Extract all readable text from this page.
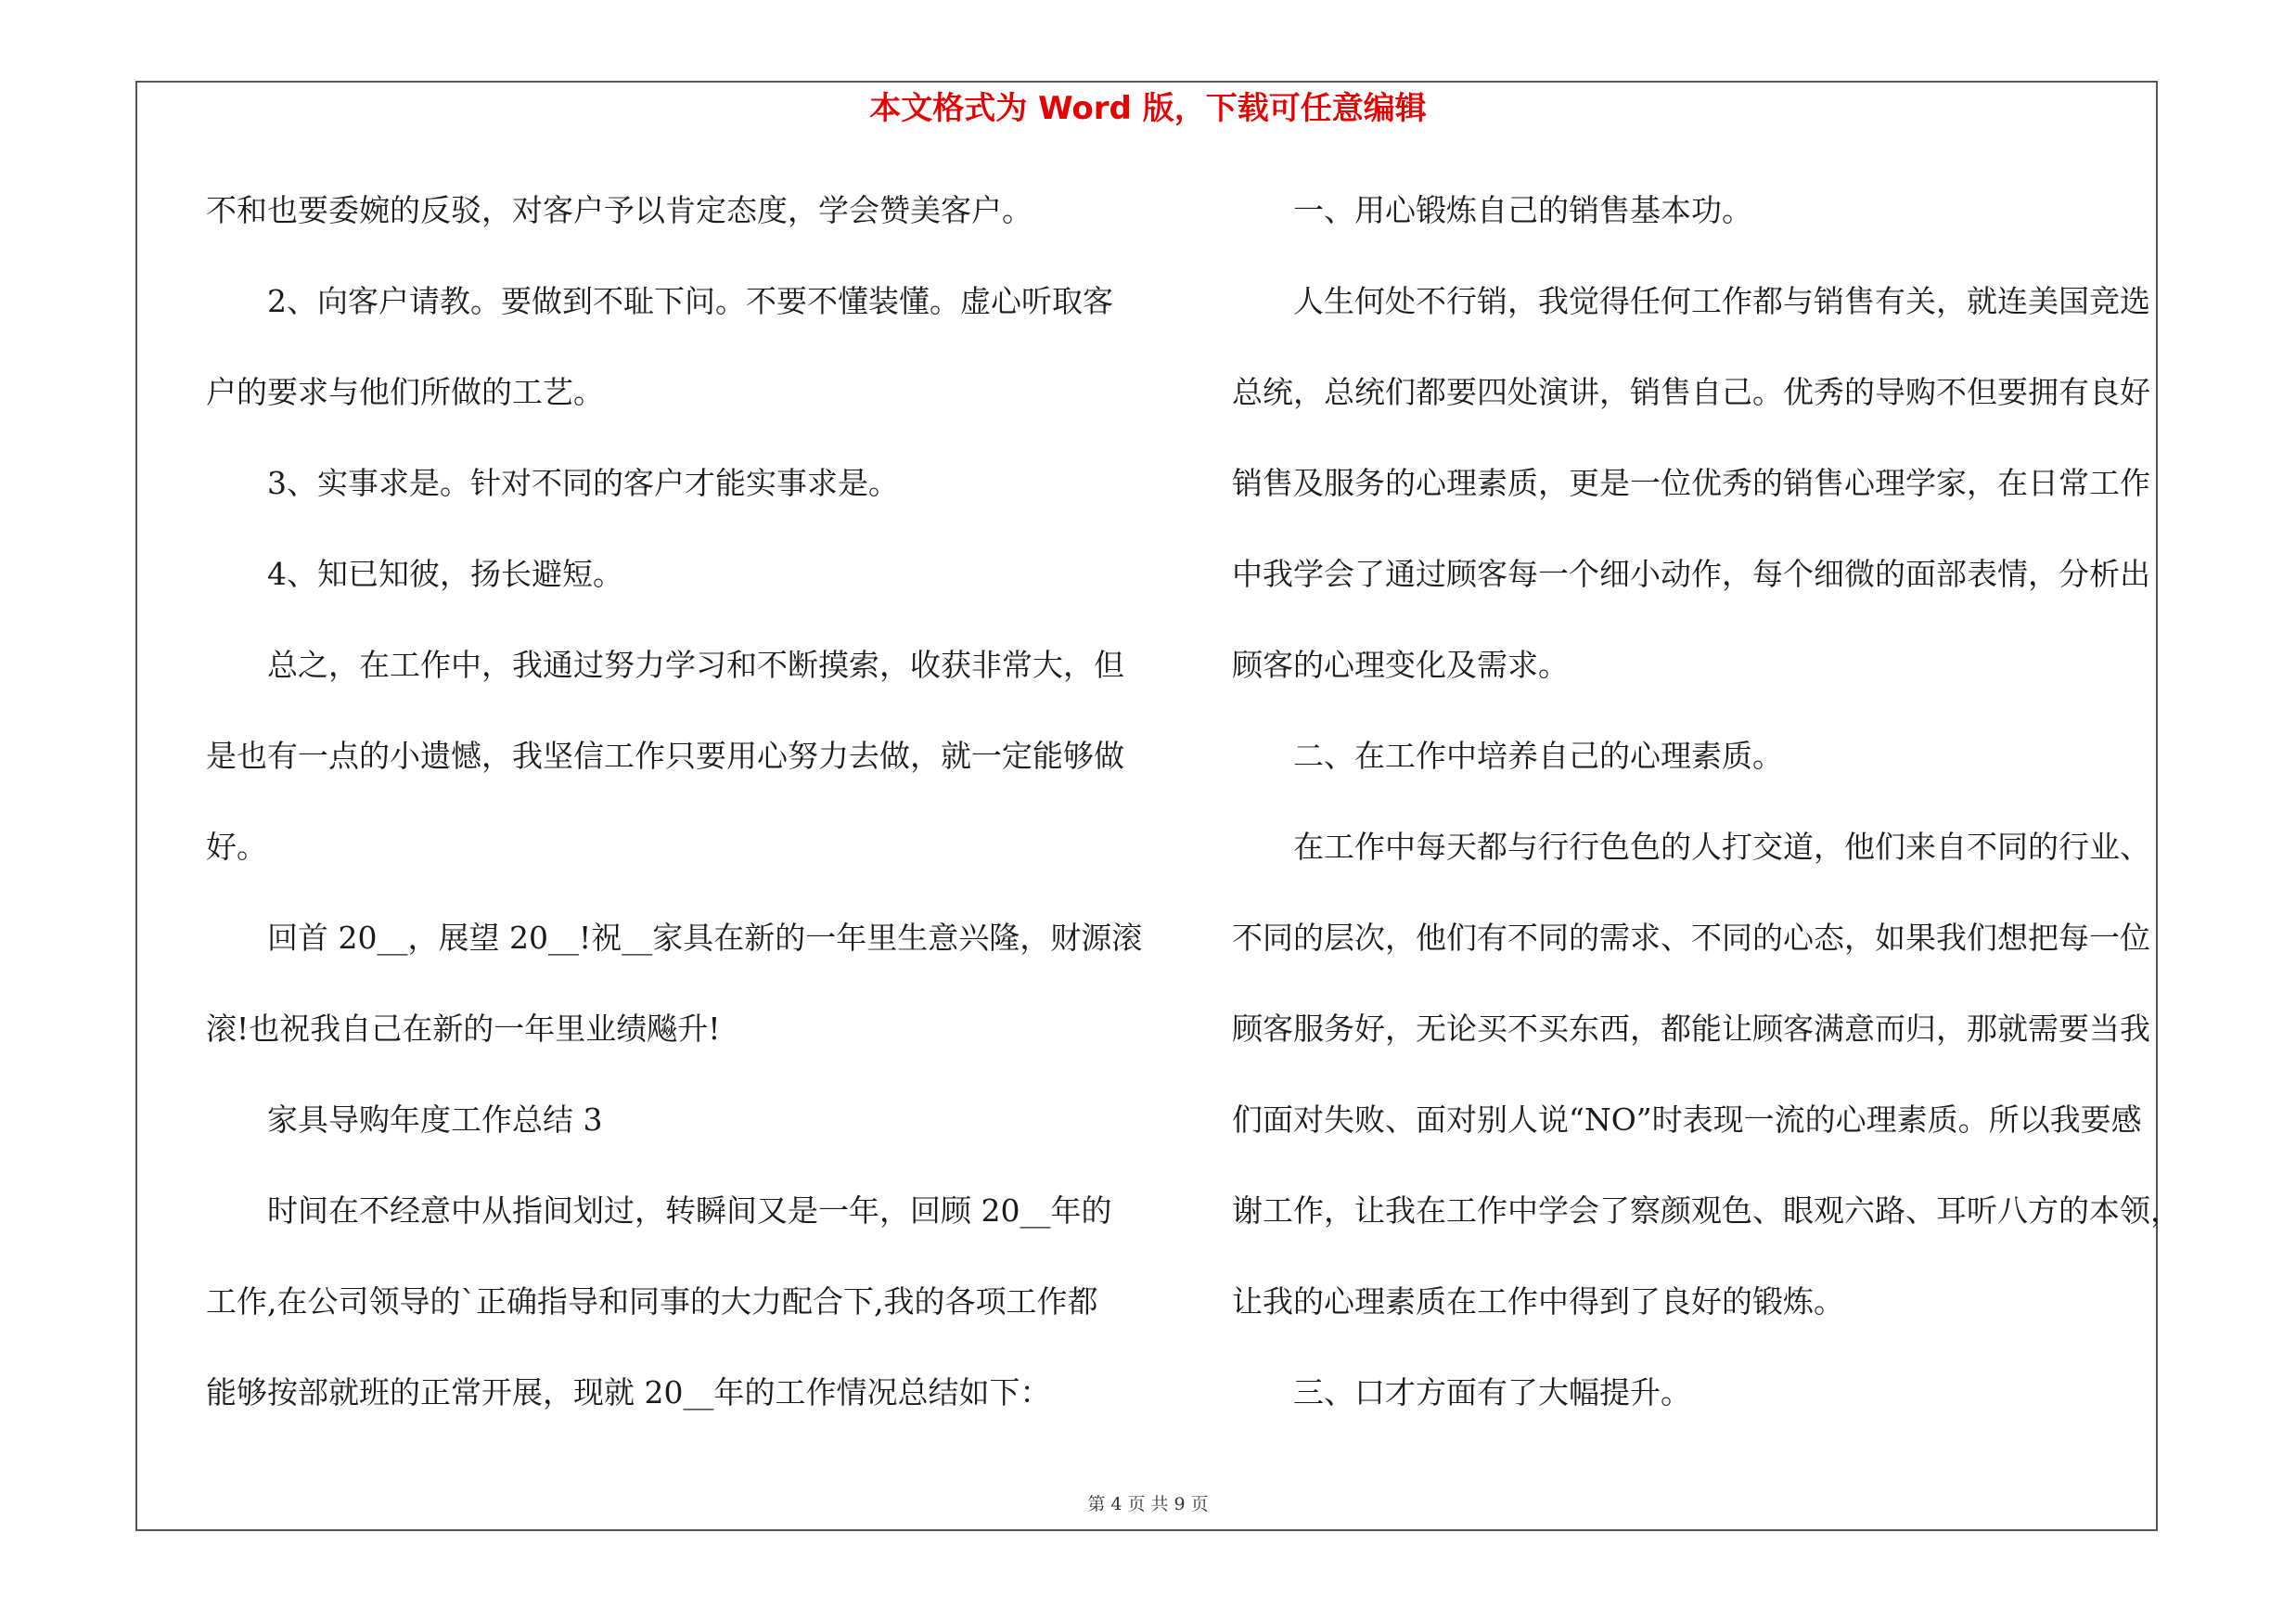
本文格式为 Word 版，下载可任意编辑
不和也要委婉的反驳，对客户予以肯定态度，学会赞美客户。
2、向客户请教。要做到不耻下问。不要不懂装懂。虚心听取客
户的要求与他们所做的工艺。
3、实事求是。针对不同的客户才能实事求是。
4、知已知彼，扬长避短。
总之，在工作中，我通过努力学习和不断摸索，收获非常大，但
是也有一点的小遗憾，我坚信工作只要用心努力去做，就一定能够做
好。
回首 20__，展望 20__!祝__家具在新的一年里生意兴隆，财源滚
滚!也祝我自己在新的一年里业绩飚升!
家具导购年度工作总结 3
时间在不经意中从指间划过，转瞬间又是一年，回顾 20__年的
工作,在公司领导的`正确指导和同事的大力配合下,我的各项工作都
能够按部就班的正常开展，现就 20__年的工作情况总结如下：
一、用心锻炼自己的销售基本功。
人生何处不行销，我觉得任何工作都与销售有关，就连美国竞选
总统，总统们都要四处演讲，销售自己。优秀的导购不但要拥有良好
销售及服务的心理素质，更是一位优秀的销售心理学家，在日常工作
中我学会了通过顾客每一个细小动作，每个细微的面部表情，分析出
顾客的心理变化及需求。
二、在工作中培养自己的心理素质。
在工作中每天都与行行色色的人打交道，他们来自不同的行业、
不同的层次，他们有不同的需求、不同的心态，如果我们想把每一位
顾客服务好，无论买不买东西，都能让顾客满意而归，那就需要当我
们面对失败、面对别人说“NO”时表现一流的心理素质。所以我要感
谢工作，让我在工作中学会了察颜观色、眼观六路、耳听八方的本领，
让我的心理素质在工作中得到了良好的锻炼。
三、口才方面有了大幅提升。
第 4 页 共 9 页
